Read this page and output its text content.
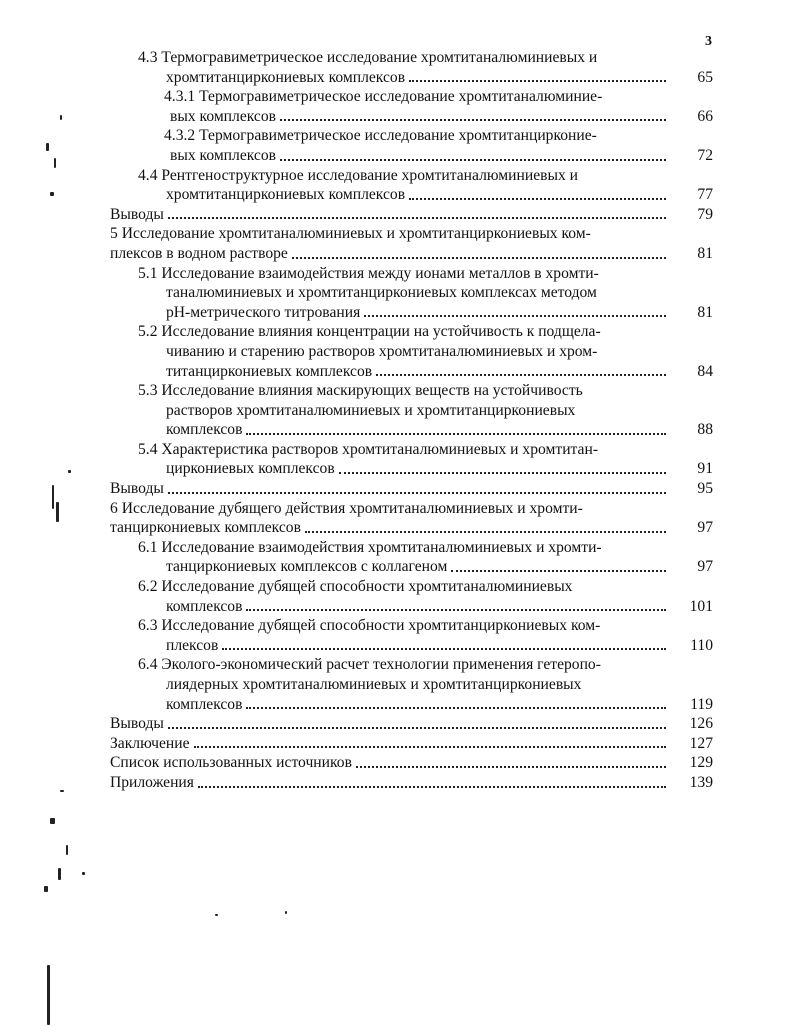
3
4.3 Термогравиметрическое исследование хромтитаналюминиевых и
хромтитанциркониевых комплексов	65
4.3.1 Термогравиметрическое исследование хромтитаналюминие-
вых комплексов	66
4.3.2 Термогравиметрическое исследование хромтитанцирконие-
вых комплексов	72
4.4 Рентгеноструктурное исследование хромтитаналюминиевых и
хромтитанциркониевых комплексов	77
Выводы	79
5 Исследование хромтитаналюминиевых и хромтитанциркониевых ком-
плексов в водном растворе	81
5.1 Исследование взаимодействия между ионами металлов в хромти-
таналюминиевых и хромтитанциркониевых комплексах методом
рН-метрического титрования	81
5.2 Исследование влияния концентрации на устойчивость к подщела-
чиванию и старению растворов хромтитаналюминиевых и хром-
титанциркониевых комплексов	84
5.3 Исследование влияния маскирующих веществ на устойчивость
растворов хромтитаналюминиевых и хромтитанциркониевых
комплексов	88
5.4 Характеристика растворов хромтитаналюминиевых и хромтитан-
циркониевых комплексов	91
Выводы	95
6 Исследование дубящего действия хромтитаналюминиевых и хромти-
танциркониевых комплексов	97
6.1 Исследование взаимодействия хромтитаналюминиевых и хромти-
танциркониевых комплексов с коллагеном	97
6.2 Исследование дубящей способности хромтитаналюминиевых
комплексов	101
6.3 Исследование дубящей способности хромтитанциркониевых ком-
плексов	110
6.4 Эколого-экономический расчет технологии применения гетеропо-
лиядерных хромтитаналюминиевых и хромтитанциркониевых
комплексов	119
Выводы	126
Заключение	127
Список использованных источников	129
Приложения	139
